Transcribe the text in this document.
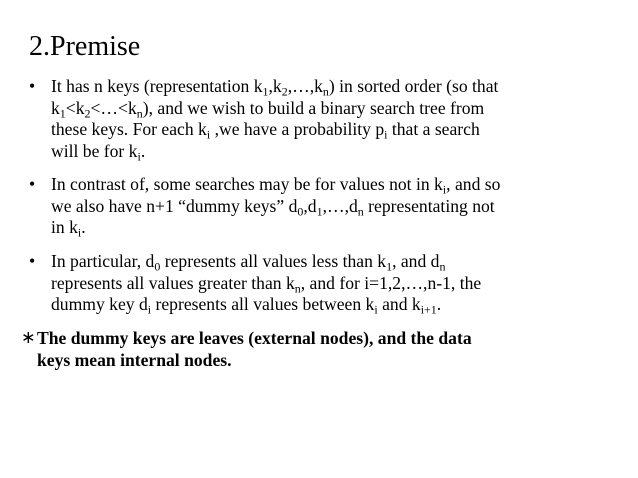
2.Premise
• It has n keys (representation $k_1,k_2,\dots,k_n$) in sorted order (so that
$k_1<k_2<\dots<k_n$), and we wish to build a binary search tree from
these keys. For each $k_i$ ,we have a probability $p_i$ that a search
will be for $k_i$.
• In contrast of, some searches may be for values not in $k_i$, and so
we also have n+1 “dummy keys” $d_0,d_1,\dots,d_n$ representating not
in $k_i$.
• In particular, $d_0$ represents all values less than $k_1$, and $d_n$
represents all values greater than $k_n$, and for i=1,2,…,n-1, the
dummy key $d_i$ represents all values between $k_i$ and $k_{i+1}$.
∗ The dummy keys are leaves (external nodes), and the data
keys mean internal nodes.
